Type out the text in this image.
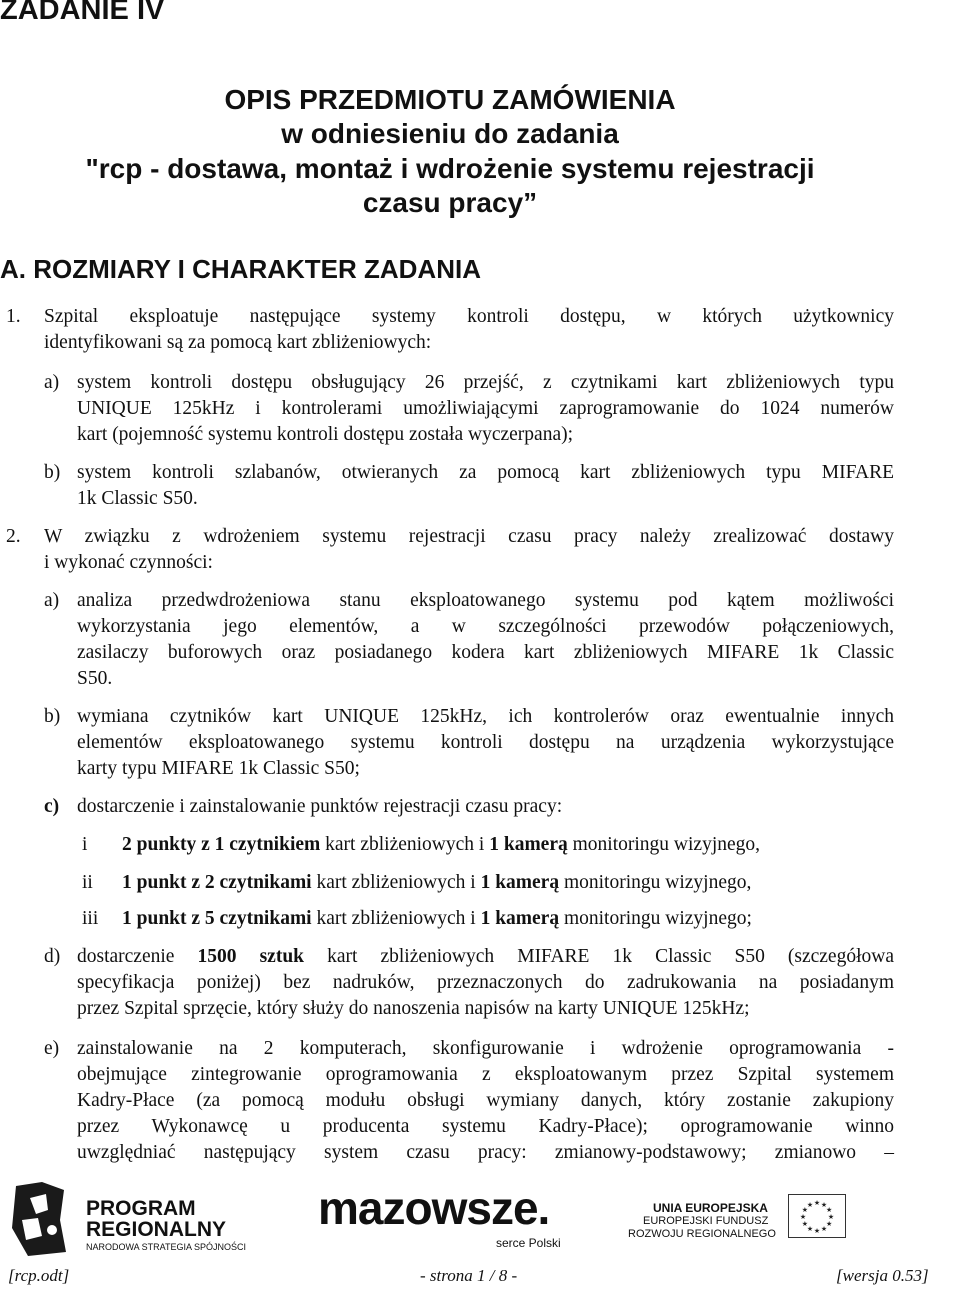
ZADANIE IV
OPIS PRZEDMIOTU ZAMÓWIENIA
w odniesieniu do zadania
"rcp - dostawa, montaż i wdrożenie systemu rejestracji
czasu pracy”
A. ROZMIARY I CHARAKTER ZADANIA
1. Szpital eksploatuje następujące systemy kontroli dostępu, w których użytkownicy
identyfikowani są za pomocą kart zbliżeniowych:
a) system kontroli dostępu obsługujący 26 przejść, z czytnikami kart zbliżeniowych typu
UNIQUE 125kHz i kontrolerami umożliwiającymi zaprogramowanie do 1024 numerów
kart (pojemność systemu kontroli dostępu została wyczerpana);
b) system kontroli szlabanów, otwieranych za pomocą kart zbliżeniowych typu MIFARE
1k Classic S50.
2. W związku z wdrożeniem systemu rejestracji czasu pracy należy zrealizować dostawy
i wykonać czynności:
a) analiza przedwdrożeniowa stanu eksploatowanego systemu pod kątem możliwości
wykorzystania jego elementów, a w szczególności przewodów połączeniowych,
zasilaczy buforowych oraz posiadanego kodera kart zbliżeniowych MIFARE 1k Classic
S50.
b) wymiana czytników kart UNIQUE 125kHz, ich kontrolerów oraz ewentualnie innych
elementów eksploatowanego systemu kontroli dostępu na urządzenia wykorzystujące
karty typu MIFARE 1k Classic S50;
c) dostarczenie i zainstalowanie punktów rejestracji czasu pracy:
i 2 punkty z 1 czytnikiem kart zbliżeniowych i 1 kamerą monitoringu wizyjnego,
ii 1 punkt z 2 czytnikami kart zbliżeniowych i 1 kamerą monitoringu wizyjnego,
iii 1 punkt z 5 czytnikami kart zbliżeniowych i 1 kamerą monitoringu wizyjnego;
d) dostarczenie 1500 sztuk kart zbliżeniowych MIFARE 1k Classic S50 (szczegółowa
specyfikacja poniżej) bez nadruków, przeznaczonych do zadrukowania na posiadanym
przez Szpital sprzęcie, który służy do nanoszenia napisów na karty UNIQUE 125kHz;
e) zainstalowanie na 2 komputerach, skonfigurowanie i wdrożenie oprogramowania -
obejmujące zintegrowanie oprogramowania z eksploatowanym przez Szpital systemem
Kadry-Płace (za pomocą modułu obsługi wymiany danych, który zostanie zakupiony
przez Wykonawcę u producenta systemu Kadry-Płace); oprogramowanie winno
uwzględniać następujący system czasu pracy: zmianowy-podstawowy; zmianowo –
PROGRAM
REGIONALNY
NARODOWA STRATEGIA SPÓJNOŚCI
mazowsze.
serce Polski
UNIA EUROPEJSKA
EUROPEJSKI FUNDUSZ
ROZWOJU REGIONALNEGO
★
★
★
★
★
★
★
★
★ ★ ★
★
[rcp.odt]	- strona 1 / 8 -	[wersja 0.53]
